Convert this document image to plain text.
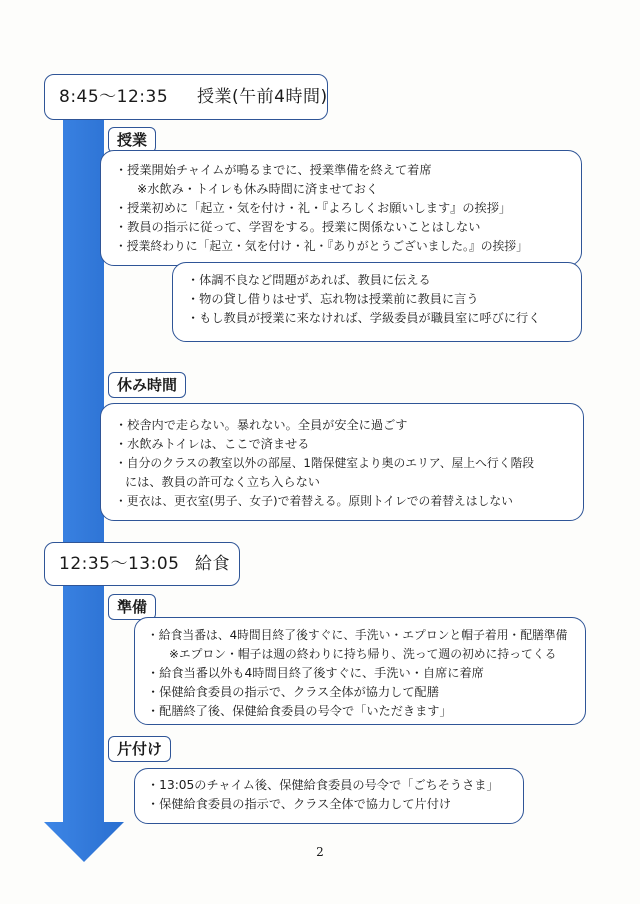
8:45～12:35 授業(午前4時間)
授業
・授業開始チャイムが鳴るまでに、授業準備を終えて着席
※水飲み・トイレも休み時間に済ませておく
・授業初めに「起立・気を付け・礼・『よろしくお願いします』の挨拶」
・教員の指示に従って、学習をする。授業に関係ないことはしない
・授業終わりに「起立・気を付け・礼・『ありがとうございました。』の挨拶」
・体調不良など問題があれば、教員に伝える
・物の貸し借りはせず、忘れ物は授業前に教員に言う
・もし教員が授業に来なければ、学級委員が職員室に呼びに行く
休み時間
・校舎内で走らない。暴れない。全員が安全に過ごす
・水飲みトイレは、ここで済ませる
・自分のクラスの教室以外の部屋、1階保健室より奥のエリア、屋上へ行く階段
には、教員の許可なく立ち入らない
・更衣は、更衣室(男子、女子)で着替える。原則トイレでの着替えはしない
12:35～13:05 給食
準備
・給食当番は、4時間目終了後すぐに、手洗い・エプロンと帽子着用・配膳準備
※エプロン・帽子は週の終わりに持ち帰り、洗って週の初めに持ってくる
・給食当番以外も4時間目終了後すぐに、手洗い・自席に着席
・保健給食委員の指示で、クラス全体が協力して配膳
・配膳終了後、保健給食委員の号令で「いただきます」
片付け
・13:05のチャイム後、保健給食委員の号令で「ごちそうさま」
・保健給食委員の指示で、クラス全体で協力して片付け
2
